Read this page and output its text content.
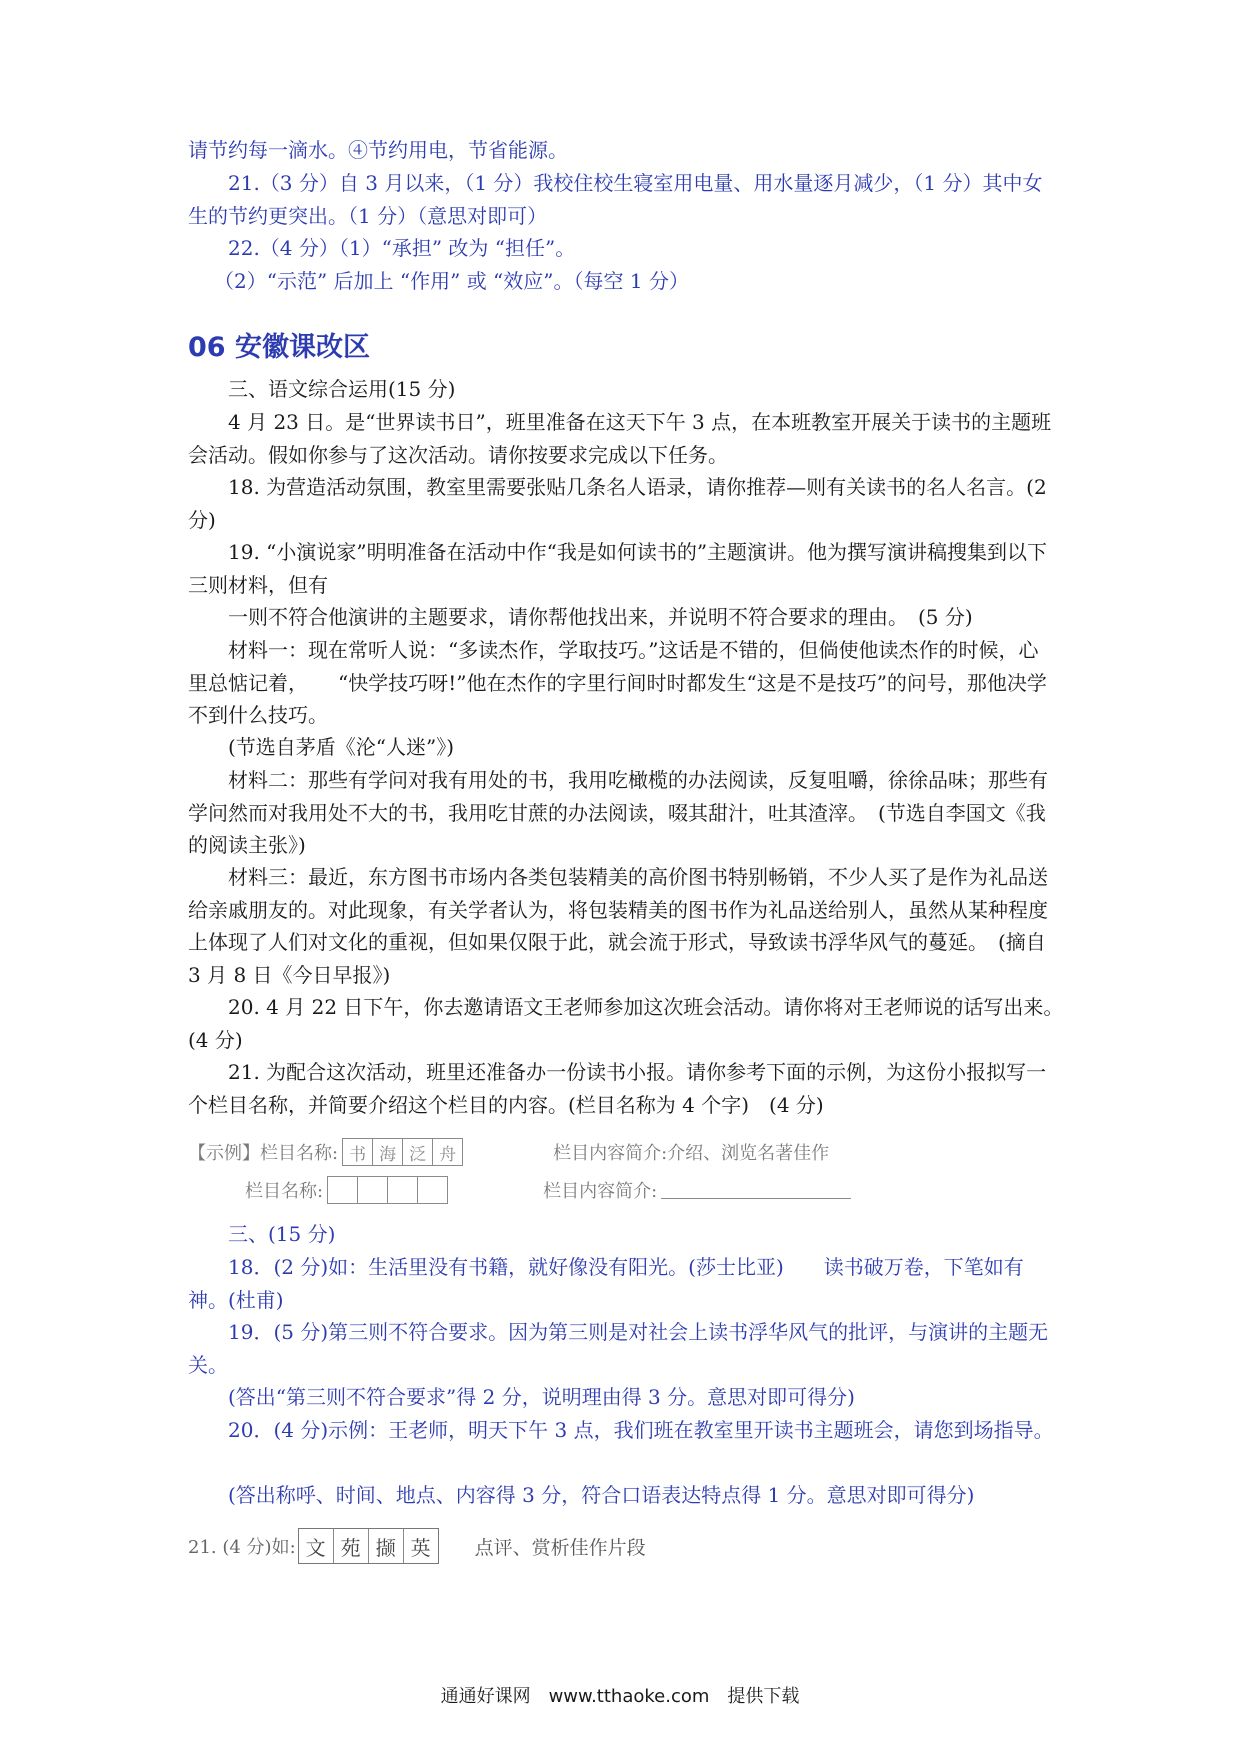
请节约每一滴水。④节约用电，节省能源。

21.（3 分）自 3 月以来，（1 分）我校住校生寝室用电量、用水量逐月减少，（1 分）其中女生的节约更突出。（1 分）（意思对即可）

22.（4 分）（1）“承担” 改为 “担任”。

（2）“示范” 后加上 “作用” 或 “效应”。（每空 1 分）

06 安徽课改区

三、语文综合运用(15 分)

4 月 23 日。是“世界读书日”，班里准备在这天下午 3 点，在本班教室开展关于读书的主题班会活动。假如你参与了这次活动。请你按要求完成以下任务。

18. 为营造活动氛围，教室里需要张贴几条名人语录，请你推荐—则有关读书的名人名言。(2 分)

19. “小演说家”明明准备在活动中作“我是如何读书的”主题演讲。他为撰写演讲稿搜集到以下三则材料，但有

一则不符合他演讲的主题要求，请你帮他找出来，并说明不符合要求的理由。　(5 分)

材料一：现在常听人说：“多读杰作，学取技巧。”这话是不错的，但倘使他读杰作的时候，心里总惦记着，　　“快学技巧呀!”他在杰作的字里行间时时都发生“这是不是技巧”的问号，那他决学不到什么技巧。

(节选自茅盾《沦“人迷”》)

材料二：那些有学问对我有用处的书，我用吃橄榄的办法阅读，反复咀嚼，徐徐品味；那些有学问然而对我用处不大的书，我用吃甘蔗的办法阅读，啜其甜汁，吐其渣滓。　(节选自李国文《我的阅读主张》)

材料三：最近，东方图书市场内各类包装精美的高价图书特别畅销，不少人买了是作为礼品送给亲戚朋友的。对此现象，有关学者认为，将包装精美的图书作为礼品送给别人，虽然从某种程度上体现了人们对文化的重视，但如果仅限于此，就会流于形式，导致读书浮华风气的蔓延。　(摘自 3 月 8 日《今日早报》)

20. 4 月 22 日下午，你去邀请语文王老师参加这次班会活动。请你将对王老师说的话写出来。　(4 分)

21. 为配合这次活动，班里还准备办一份读书小报。请你参考下面的示例，为这份小报拟写一个栏目名称，并简要介绍这个栏目的内容。(栏目名称为 4 个字)　(4 分)

【示例】栏目名称: 书 海 泛 舟	栏目内容简介: 介绍、浏览名著佳作
栏目名称:	栏目内容简介:

三、(15 分)

18．(2 分)如：生活里没有书籍，就好像没有阳光。(莎士比亚)　　读书破万卷，下笔如有神。(杜甫)

19．(5 分)第三则不符合要求。因为第三则是对社会上读书浮华风气的批评，与演讲的主题无关。

(答出“第三则不符合要求”得 2 分，说明理由得 3 分。意思对即可得分)

20．(4 分)示例：王老师，明天下午 3 点，我们班在教室里开读书主题班会，请您到场指导。

(答出称呼、时间、地点、内容得 3 分，符合口语表达特点得 1 分。意思对即可得分)

21. (4 分)如: 文 苑 撷 英	点评、赏析佳作片段
通通好课网　www.tthaoke.com　提供下载
